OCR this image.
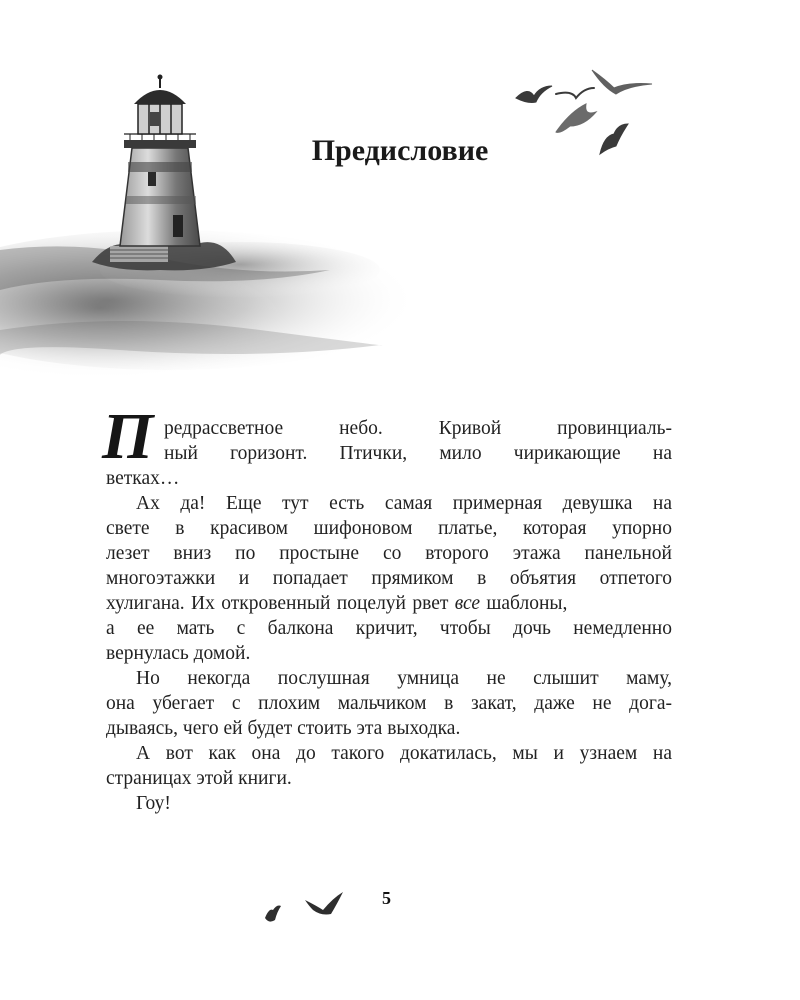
Предисловие
П редрассветное небо. Кривой провинциаль-
ный горизонт. Птички, мило чирикающие на
ветках…
Ах да! Еще тут есть самая примерная девушка на
свете в красивом шифоновом платье, которая упорно
лезет вниз по простыне со второго этажа панельной
многоэтажки и попадает прямиком в объятия отпетого
хулигана. Их откровенный поцелуй рвет все шаблоны,
а ее мать с балкона кричит, чтобы дочь немедленно
вернулась домой.
Но некогда послушная умница не слышит маму,
она убегает с плохим мальчиком в закат, даже не дога-
дываясь, чего ей будет стоить эта выходка.
А вот как она до такого докатилась, мы и узнаем на
страницах этой книги.
Гоу!
5
